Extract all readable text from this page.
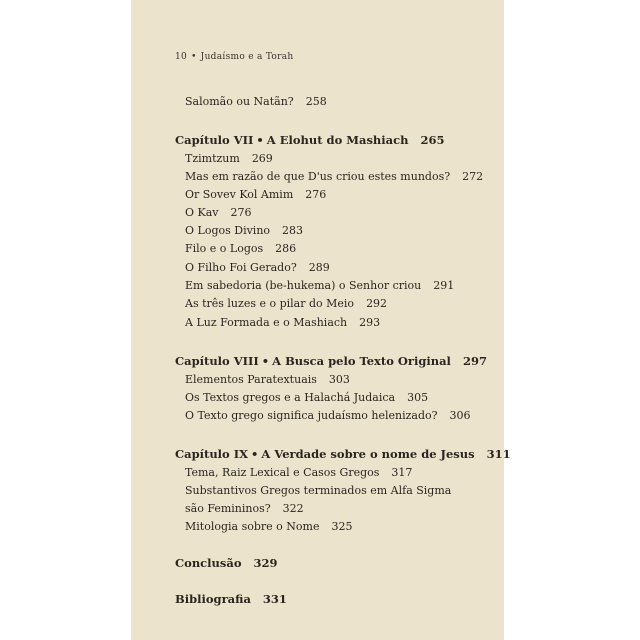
10 • Judaísmo e a Torah
Salomão ou Natãn? 258
Capítulo VII • A Elohut do Mashiach 265
Tzimtzum 269
Mas em razão de que D'us criou estes mundos? 272
Or Sovev Kol Amim 276
O Kav 276
O Logos Divino 283
Filo e o Logos 286
O Filho Foi Gerado? 289
Em sabedoria (be-hukema) o Senhor criou 291
As três luzes e o pilar do Meio 292
A Luz Formada e o Mashiach 293
Capítulo VIII • A Busca pelo Texto Original 297
Elementos Paratextuais 303
Os Textos gregos e a Halachá Judaica 305
O Texto grego significa judaísmo helenizado? 306
Capítulo IX • A Verdade sobre o nome de Jesus 311
Tema, Raiz Lexical e Casos Gregos 317
Substantivos Gregos terminados em Alfa Sigma
são Femininos? 322
Mitologia sobre o Nome 325
Conclusão 329
Bibliografia 331
